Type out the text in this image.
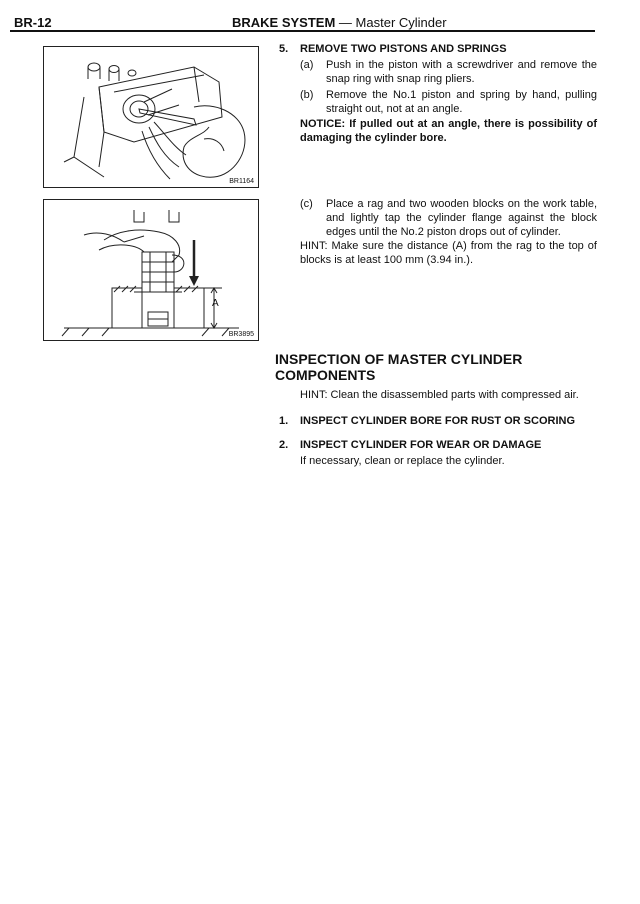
BR-12	BRAKE SYSTEM — Master Cylinder
BR1164
A
BR3895
5. REMOVE TWO PISTONS AND SPRINGS
(a) Push in the piston with a screwdriver and remove the snap ring with snap ring pliers.
(b) Remove the No.1 piston and spring by hand, pulling straight out, not at an angle.
NOTICE: If pulled out at an angle, there is possibility of damaging the cylinder bore.
(c) Place a rag and two wooden blocks on the work table, and lightly tap the cylinder flange against the block edges until the No.2 piston drops out of cylinder.
HINT: Make sure the distance (A) from the rag to the top of blocks is at least 100 mm (3.94 in.).
INSPECTION OF MASTER CYLINDER COMPONENTS
HINT: Clean the disassembled parts with compressed air.
1. INSPECT CYLINDER BORE FOR RUST OR SCORING
2. INSPECT CYLINDER FOR WEAR OR DAMAGE
If necessary, clean or replace the cylinder.
